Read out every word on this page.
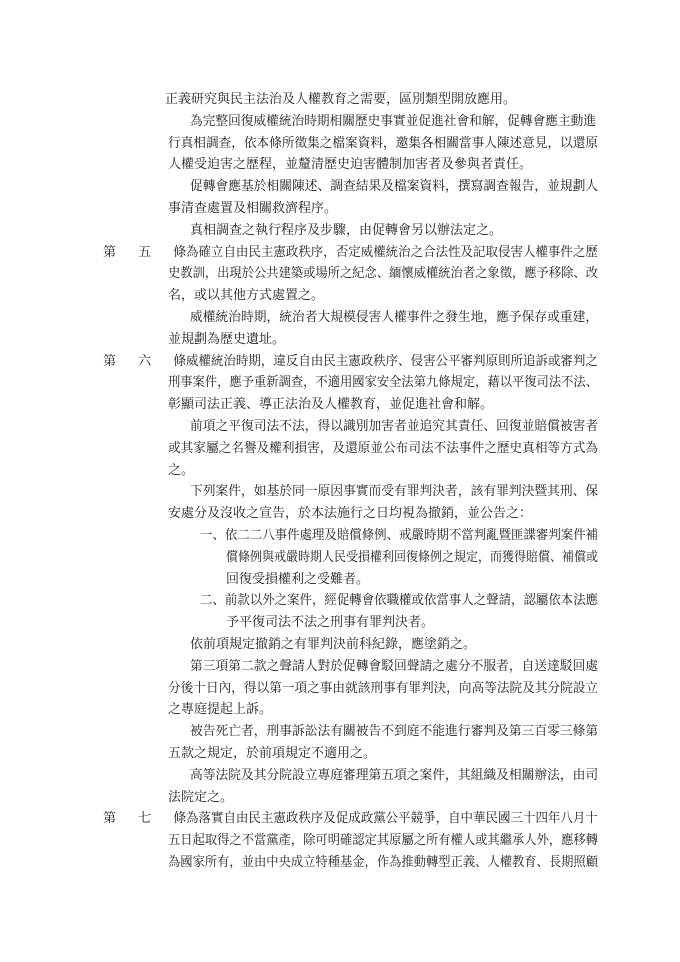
第 五 條
第 六 條
第 七 條
正義研究與民主法治及人權教育之需要，區別類型開放應用。
為完整回復威權統治時期相關歷史事實並促進社會和解，促轉會應主動進
行真相調查，依本條所徵集之檔案資料，邀集各相關當事人陳述意見，以還原
人權受迫害之歷程，並釐清歷史迫害體制加害者及參與者責任。
促轉會應基於相關陳述、調查結果及檔案資料，撰寫調查報告，並規劃人
事清查處置及相關救濟程序。
真相調查之執行程序及步驟，由促轉會另以辦法定之。
為確立自由民主憲政秩序，否定威權統治之合法性及記取侵害人權事件之歷
史教訓，出現於公共建築或場所之紀念、緬懷威權統治者之象徵，應予移除、改
名，或以其他方式處置之。
威權統治時期，統治者大規模侵害人權事件之發生地，應予保存或重建，
並規劃為歷史遺址。
威權統治時期，違反自由民主憲政秩序、侵害公平審判原則所追訴或審判之
刑事案件，應予重新調查，不適用國家安全法第九條規定，藉以平復司法不法、
彰顯司法正義、導正法治及人權教育，並促進社會和解。
前項之平復司法不法，得以識別加害者並追究其責任、回復並賠償被害者
或其家屬之名譽及權利損害，及還原並公布司法不法事件之歷史真相等方式為
之。
下列案件，如基於同一原因事實而受有罪判決者，該有罪判決暨其刑、保
安處分及沒收之宣告，於本法施行之日均視為撤銷，並公告之：
一、依二二八事件處理及賠償條例、戒嚴時期不當判亂暨匪諜審判案件補
償條例與戒嚴時期人民受損權利回復條例之規定，而獲得賠償、補償或
回復受損權利之受難者。
二、前款以外之案件，經促轉會依職權或依當事人之聲請，認屬依本法應
予平復司法不法之刑事有罪判決者。
依前項規定撤銷之有罪判決前科紀錄，應塗銷之。
第三項第二款之聲請人對於促轉會駁回聲請之處分不服者，自送達駁回處
分後十日內，得以第一項之事由就該刑事有罪判決，向高等法院及其分院設立
之專庭提起上訴。
被告死亡者，刑事訴訟法有關被告不到庭不能進行審判及第三百零三條第
五款之規定，於前項規定不適用之。
高等法院及其分院設立專庭審理第五項之案件，其組織及相關辦法，由司
法院定之。
為落實自由民主憲政秩序及促成政黨公平競爭，自中華民國三十四年八月十
五日起取得之不當黨產，除可明確認定其原屬之所有權人或其繼承人外，應移轉
為國家所有，並由中央成立特種基金，作為推動轉型正義、人權教育、長期照顧
